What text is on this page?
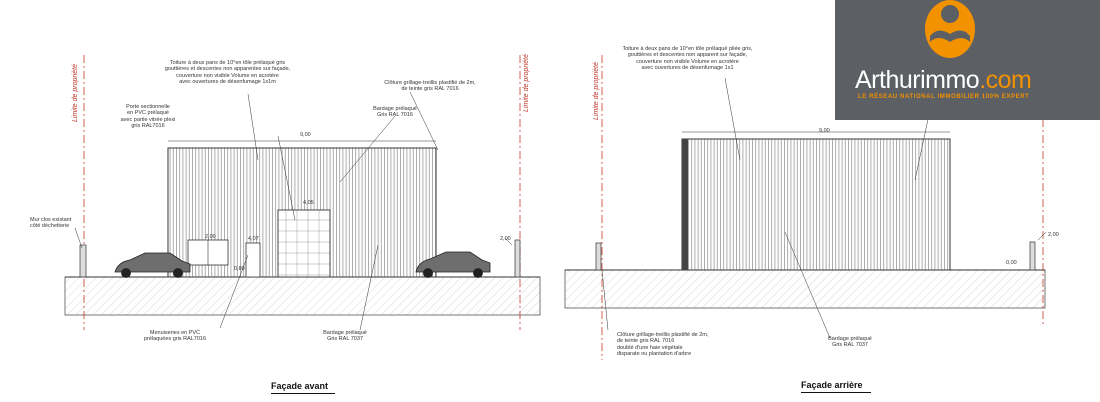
Limite de propriété	Limite de propriété
Toiture à deux pans de 10°en tôle prélaqué gris
gouttières et descentes non apparentes sur façade,
couverture non visible Volume en acrotère
avec ouvertures de désenfumage 1x1m
Porte sectionnelle
en PVC prélaqué
avec partie vitrée plexi
gris RAL7016
Clôture grillage-treillis plastifié de 2m,
de teinte gris RAL 7016
Bardage prélaqué
Gris RAL 7016
Mur clos existant
côté déchetterie
Menuiseries en PVC
prélaquées gris RAL7016
Bardage prélaqué
Gris RAL 7037
9,00
4,05
2,00	4,07
0,80
2,00
Façade avant
Limite de propriété
Toiture à deux pans de 10°en tôle prélaqué pliée gris,
gouttières et descentes non apparent sur façade,
couverture non visible Volume en acrotère
avec ouvertures de désenfumage 1x1
Clôture grillage-treillis plastifié de 2m,
de teinte gris RAL 7016
doublé d'une haie végétale
disparate ou plantation d'arbre
Bardage prélaqué
Gris RAL 7037
9,00
0,00
2,00
Façade arrière
Arthurimmo.com
LE RÉSEAU NATIONAL IMMOBILIER 100% EXPERT
